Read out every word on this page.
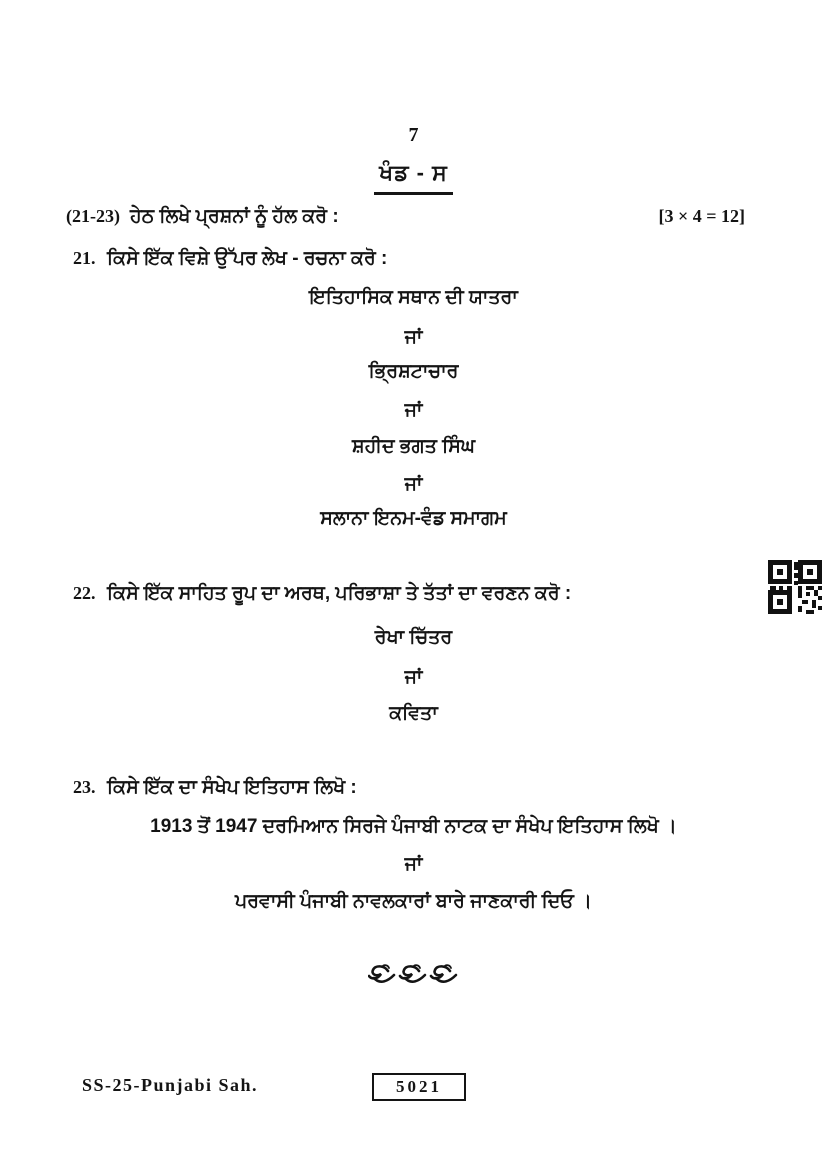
7
ਖੰਡ - ਸ
(21-23) ਹੇਠ ਲਿਖੇ ਪ੍ਰਸ਼ਨਾਂ ਨੂੰ ਹੱਲ ਕਰੋ :	[3 × 4 = 12]
21. ਕਿਸੇ ਇੱਕ ਵਿਸ਼ੇ ਉੱਪਰ ਲੇਖ - ਰਚਨਾ ਕਰੋ :
ਇਤਿਹਾਸਿਕ ਸਥਾਨ ਦੀ ਯਾਤਰਾ
ਜਾਂ
ਭ੍ਰਿਸ਼ਟਾਚਾਰ
ਜਾਂ
ਸ਼ਹੀਦ ਭਗਤ ਸਿੰਘ
ਜਾਂ
ਸਲਾਨਾ ਇਨਮ-ਵੰਡ ਸਮਾਗਮ
22. ਕਿਸੇ ਇੱਕ ਸਾਹਿਤ ਰੂਪ ਦਾ ਅਰਥ, ਪਰਿਭਾਸ਼ਾ ਤੇ ਤੱਤਾਂ ਦਾ ਵਰਣਨ ਕਰੋ :
ਰੇਖਾ ਚਿੱਤਰ
ਜਾਂ
ਕਵਿਤਾ
23. ਕਿਸੇ ਇੱਕ ਦਾ ਸੰਖੇਪ ਇਤਿਹਾਸ ਲਿਖੋ :
1913 ਤੋਂ 1947 ਦਰਮਿਆਨ ਸਿਰਜੇ ਪੰਜਾਬੀ ਨਾਟਕ ਦਾ ਸੰਖੇਪ ਇਤਿਹਾਸ ਲਿਖੋ ।
ਜਾਂ
ਪਰਵਾਸੀ ਪੰਜਾਬੀ ਨਾਵਲਕਾਰਾਂ ਬਾਰੇ ਜਾਣਕਾਰੀ ਦਿਓ ।
SS-25-Punjabi Sah.	5021
